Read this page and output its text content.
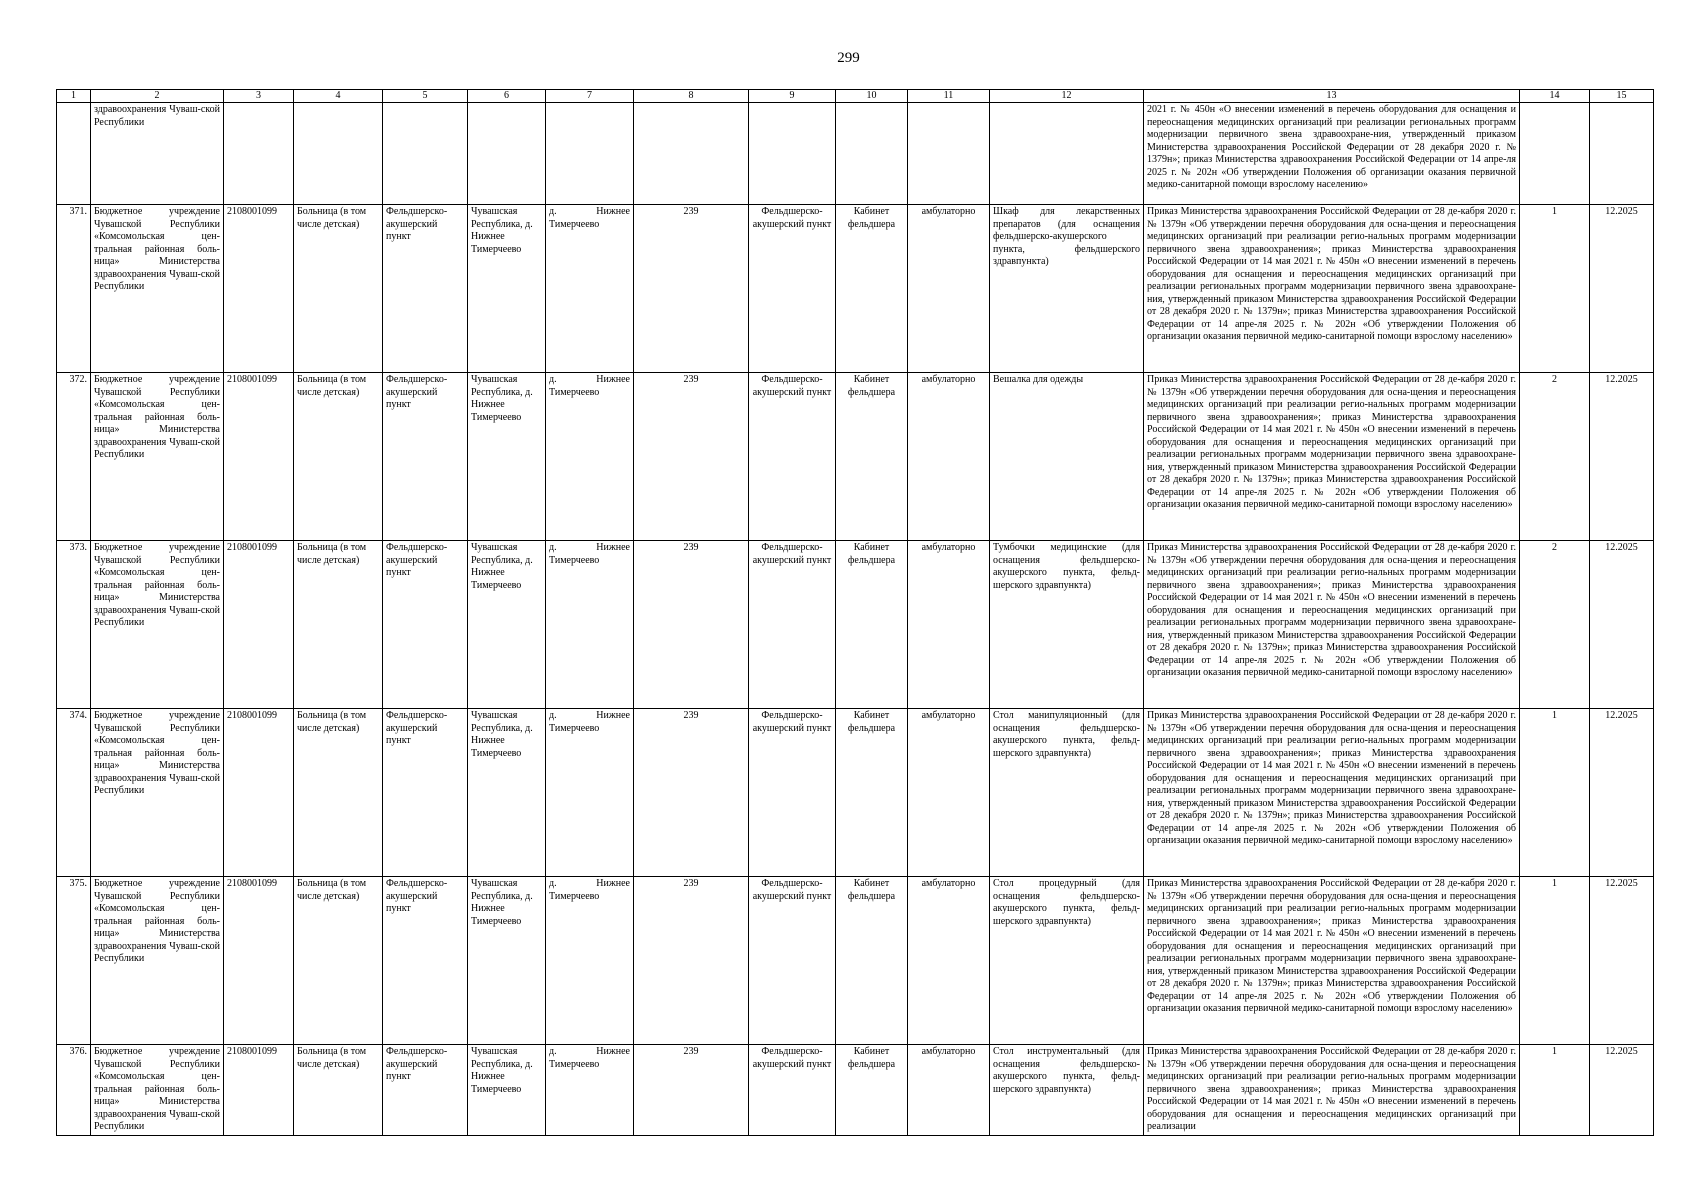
299
1	2	3	4	5	6	7	8	9	10	11	12	13	14	15
	здравоохранения Чуваш-ской Республики											2021 г. № 450н «О внесении изменений в перечень оборудования для оснащения и переоснащения медицинских организаций при реализации региональных программ модернизации первичного звена здравоохране-ния, утвержденный приказом Министерства здравоохранения Российской Федерации от 28 декабря 2020 г. № 1379н»; приказ Министерства здравоохранения Российской Федерации от 14 апре-ля 2025 г. № 202н «Об утверждении Положения об организации оказания первичной медико-санитарной помощи взрослому населению»		
371.	Бюджетное учреждение Чувашской Республики «Комсомольская цен-тральная районная боль-ница» Министерства здравоохранения Чуваш-ской Республики	2108001099	Больница (в том числе детская)	Фельдшерско-акушерский пункт	Чувашская Республика, д. Нижнее Тимерчеево	д. Нижнее Тимерчеево	239	Фельдшерско-акушерский пункт	Кабинет фельдшера	амбулаторно	Шкаф для лекарственных препаратов (для оснащения фельдшерско-акушерского пункта, фельдшерского здравпункта)	Приказ Министерства здравоохранения Российской Федерации от 28 де-кабря 2020 г. № 1379н «Об утверждении перечня оборудования для осна-щения и переоснащения медицинских организаций при реализации регио-нальных программ модернизации первичного звена здравоохранения»; приказ Министерства здравоохранения Российской Федерации от 14 мая 2021 г. № 450н «О внесении изменений в перечень оборудования для оснащения и переоснащения медицинских организаций при реализации региональных программ модернизации первичного звена здравоохране-ния, утвержденный приказом Министерства здравоохранения Российской Федерации от 28 декабря 2020 г. № 1379н»; приказ Министерства здравоохранения Российской Федерации от 14 апре-ля 2025 г. № 202н «Об утверждении Положения об организации оказания первичной медико-санитарной помощи взрослому населению»	1	12.2025
372.	Бюджетное учреждение Чувашской Республики «Комсомольская цен-тральная районная боль-ница» Министерства здравоохранения Чуваш-ской Республики	2108001099	Больница (в том числе детская)	Фельдшерско-акушерский пункт	Чувашская Республика, д. Нижнее Тимерчеево	д. Нижнее Тимерчеево	239	Фельдшерско-акушерский пункт	Кабинет фельдшера	амбулаторно	Вешалка для одежды	Приказ Министерства здравоохранения Российской Федерации от 28 де-кабря 2020 г. № 1379н «Об утверждении перечня оборудования для осна-щения и переоснащения медицинских организаций при реализации регио-нальных программ модернизации первичного звена здравоохранения»; приказ Министерства здравоохранения Российской Федерации от 14 мая 2021 г. № 450н «О внесении изменений в перечень оборудования для оснащения и переоснащения медицинских организаций при реализации региональных программ модернизации первичного звена здравоохране-ния, утвержденный приказом Министерства здравоохранения Российской Федерации от 28 декабря 2020 г. № 1379н»; приказ Министерства здравоохранения Российской Федерации от 14 апре-ля 2025 г. № 202н «Об утверждении Положения об организации оказания первичной медико-санитарной помощи взрослому населению»	2	12.2025
373.	Бюджетное учреждение Чувашской Республики «Комсомольская цен-тральная районная боль-ница» Министерства здравоохранения Чуваш-ской Республики	2108001099	Больница (в том числе детская)	Фельдшерско-акушерский пункт	Чувашская Республика, д. Нижнее Тимерчеево	д. Нижнее Тимерчеево	239	Фельдшерско-акушерский пункт	Кабинет фельдшера	амбулаторно	Тумбочки медицинские (для оснащения фельдшерско-акушерского пункта, фельд-шерского здравпункта)	Приказ Министерства здравоохранения Российской Федерации от 28 де-кабря 2020 г. № 1379н «Об утверждении перечня оборудования для осна-щения и переоснащения медицинских организаций при реализации регио-нальных программ модернизации первичного звена здравоохранения»; приказ Министерства здравоохранения Российской Федерации от 14 мая 2021 г. № 450н «О внесении изменений в перечень оборудования для оснащения и переоснащения медицинских организаций при реализации региональных программ модернизации первичного звена здравоохране-ния, утвержденный приказом Министерства здравоохранения Российской Федерации от 28 декабря 2020 г. № 1379н»; приказ Министерства здравоохранения Российской Федерации от 14 апре-ля 2025 г. № 202н «Об утверждении Положения об организации оказания первичной медико-санитарной помощи взрослому населению»	2	12.2025
374.	Бюджетное учреждение Чувашской Республики «Комсомольская цен-тральная районная боль-ница» Министерства здравоохранения Чуваш-ской Республики	2108001099	Больница (в том числе детская)	Фельдшерско-акушерский пункт	Чувашская Республика, д. Нижнее Тимерчеево	д. Нижнее Тимерчеево	239	Фельдшерско-акушерский пункт	Кабинет фельдшера	амбулаторно	Стол манипуляционный (для оснащения фельдшерско-акушерского пункта, фельд-шерского здравпункта)	Приказ Министерства здравоохранения Российской Федерации от 28 де-кабря 2020 г. № 1379н «Об утверждении перечня оборудования для осна-щения и переоснащения медицинских организаций при реализации регио-нальных программ модернизации первичного звена здравоохранения»; приказ Министерства здравоохранения Российской Федерации от 14 мая 2021 г. № 450н «О внесении изменений в перечень оборудования для оснащения и переоснащения медицинских организаций при реализации региональных программ модернизации первичного звена здравоохране-ния, утвержденный приказом Министерства здравоохранения Российской Федерации от 28 декабря 2020 г. № 1379н»; приказ Министерства здравоохранения Российской Федерации от 14 апре-ля 2025 г. № 202н «Об утверждении Положения об организации оказания первичной медико-санитарной помощи взрослому населению»	1	12.2025
375.	Бюджетное учреждение Чувашской Республики «Комсомольская цен-тральная районная боль-ница» Министерства здравоохранения Чуваш-ской Республики	2108001099	Больница (в том числе детская)	Фельдшерско-акушерский пункт	Чувашская Республика, д. Нижнее Тимерчеево	д. Нижнее Тимерчеево	239	Фельдшерско-акушерский пункт	Кабинет фельдшера	амбулаторно	Стол процедурный (для оснащения фельдшерско-акушерского пункта, фельд-шерского здравпункта)	Приказ Министерства здравоохранения Российской Федерации от 28 де-кабря 2020 г. № 1379н «Об утверждении перечня оборудования для осна-щения и переоснащения медицинских организаций при реализации регио-нальных программ модернизации первичного звена здравоохранения»; приказ Министерства здравоохранения Российской Федерации от 14 мая 2021 г. № 450н «О внесении изменений в перечень оборудования для оснащения и переоснащения медицинских организаций при реализации региональных программ модернизации первичного звена здравоохране-ния, утвержденный приказом Министерства здравоохранения Российской Федерации от 28 декабря 2020 г. № 1379н»; приказ Министерства здравоохранения Российской Федерации от 14 апре-ля 2025 г. № 202н «Об утверждении Положения об организации оказания первичной медико-санитарной помощи взрослому населению»	1	12.2025
376.	Бюджетное учреждение Чувашской Республики «Комсомольская цен-тральная районная боль-ница» Министерства здравоохранения Чуваш-ской Республики	2108001099	Больница (в том числе детская)	Фельдшерско-акушерский пункт	Чувашская Республика, д. Нижнее Тимерчеево	д. Нижнее Тимерчеево	239	Фельдшерско-акушерский пункт	Кабинет фельдшера	амбулаторно	Стол инструментальный (для оснащения фельдшерско-акушерского пункта, фельд-шерского здравпункта)	Приказ Министерства здравоохранения Российской Федерации от 28 де-кабря 2020 г. № 1379н «Об утверждении перечня оборудования для осна-щения и переоснащения медицинских организаций при реализации регио-нальных программ модернизации первичного звена здравоохранения»; приказ Министерства здравоохранения Российской Федерации от 14 мая 2021 г. № 450н «О внесении изменений в перечень оборудования для оснащения и переоснащения медицинских организаций при реализации	1	12.2025
